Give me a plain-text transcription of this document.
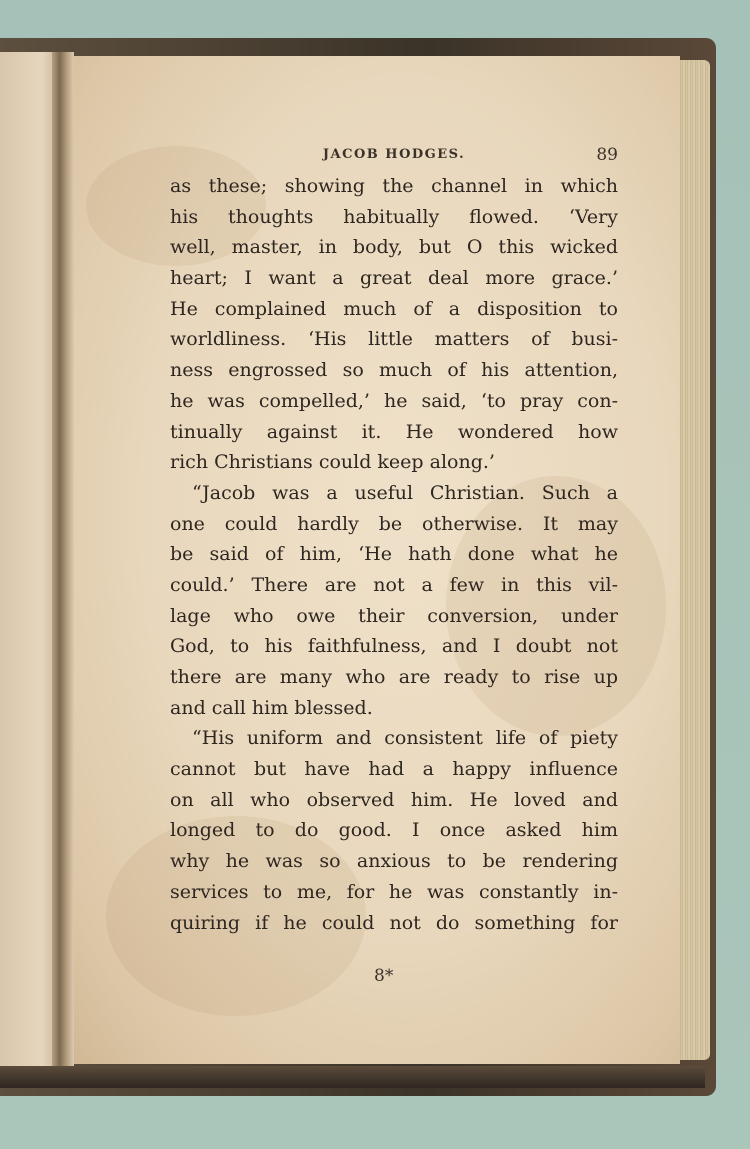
JACOB HODGES.	89
as these; showing the channel in which
his thoughts habitually flowed. ‘Very
well, master, in body, but O this wicked
heart; I want a great deal more grace.’
He complained much of a disposition to
worldliness. ‘His little matters of busi-
ness engrossed so much of his attention,
he was compelled,’ he said, ‘to pray con-
tinually against it. He wondered how
rich Christians could keep along.’
“Jacob was a useful Christian. Such a
one could hardly be otherwise. It may
be said of him, ‘He hath done what he
could.’ There are not a few in this vil-
lage who owe their conversion, under
God, to his faithfulness, and I doubt not
there are many who are ready to rise up
and call him blessed.
“His uniform and consistent life of piety
cannot but have had a happy influence
on all who observed him. He loved and
longed to do good. I once asked him
why he was so anxious to be rendering
services to me, for he was constantly in-
quiring if he could not do something for
8*
